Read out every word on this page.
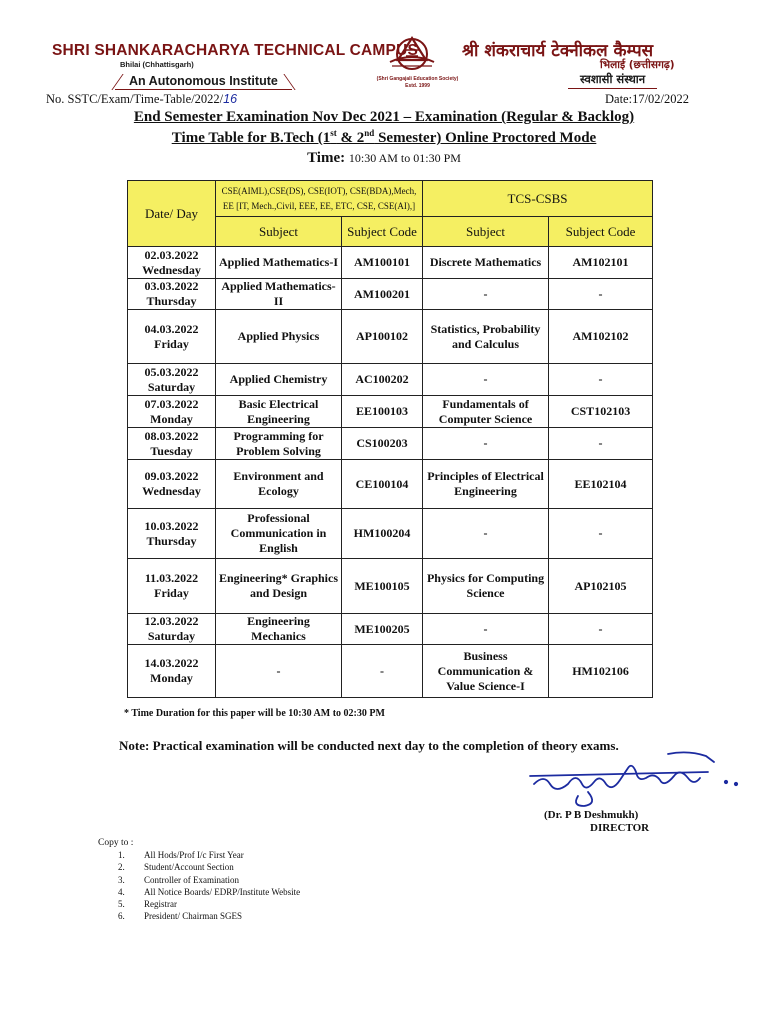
SHRI SHANKARACHARYA TECHNICAL CAMPUS
Bhilai (Chhattisgarh)
An Autonomous Institute	(Shri Gangajali Education Society)
Estd. 1999
श्री शंकराचार्य टेक्नीकल कैम्पस
भिलाई (छत्तीसगढ़)
स्वशासी संस्थान
No. SSTC/Exam/Time-Table/2022/16	Date:17/02/2022
End Semester Examination Nov Dec 2021 – Examination (Regular & Backlog)
Time Table for B.Tech (1st & 2nd Semester) Online Proctored Mode
Time: 10:30 AM to 01:30 PM
Date/ Day	CSE(AIML),CSE(DS), CSE(IOT), CSE(BDA),Mech, EE [IT, Mech.,Civil, EEE, EE, ETC, CSE, CSE(AI),]		TCS-CSBS	
	Subject	Subject Code	Subject	Subject Code

02.03.2022
Wednesday	Applied Mathematics-I	AM100101	Discrete Mathematics	AM102101

03.03.2022
Thursday	Applied Mathematics-II	AM100201	-	-

04.03.2022
Friday	Applied Physics	AP100102	Statistics, Probability and Calculus	AM102102

05.03.2022
Saturday	Applied Chemistry	AC100202	-	-

07.03.2022
Monday	Basic Electrical Engineering	EE100103	Fundamentals of Computer Science	CST102103

08.03.2022
Tuesday	Programming for Problem Solving	CS100203	-	-

09.03.2022
Wednesday	Environment and Ecology	CE100104	Principles of Electrical Engineering	EE102104

10.03.2022
Thursday	Professional Communication in English	HM100204	-	-

11.03.2022
Friday	Engineering* Graphics and Design	ME100105	Physics for Computing Science	AP102105

12.03.2022
Saturday	Engineering Mechanics	ME100205	-	-

14.03.2022
Monday	-	-	Business Communication & Value Science-I	HM102106
* Time Duration for this paper will be 10:30 AM to 02:30 PM
Note: Practical examination will be conducted next day to the completion of theory exams.
(Dr. P B Deshmukh)
DIRECTOR
Copy to :
1. All Hods/Prof I/c First Year
2. Student/Account Section
3. Controller of Examination
4. All Notice Boards/ EDRP/Institute Website
5. Registrar
6. President/ Chairman SGES
